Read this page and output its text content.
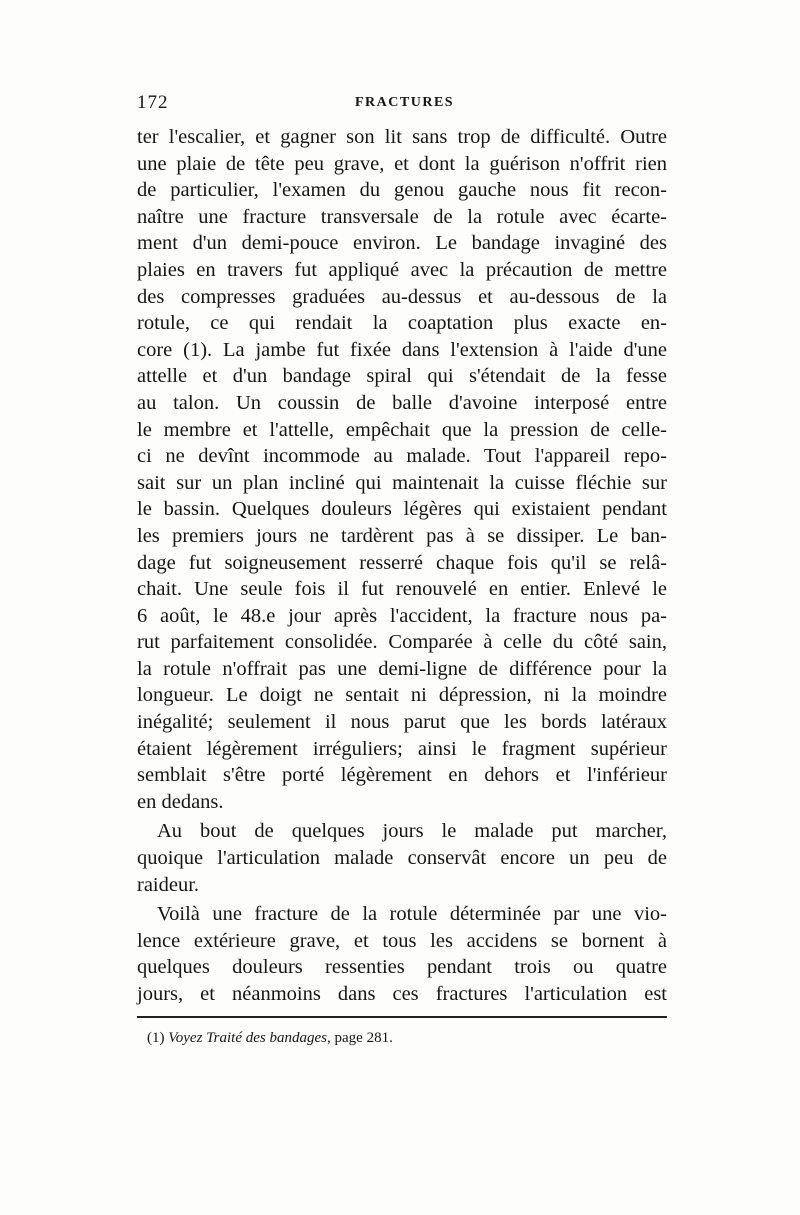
172	FRACTURES
ter l'escalier, et gagner son lit sans trop de difficulté. Outre
une plaie de tête peu grave, et dont la guérison n'offrit rien
de particulier, l'examen du genou gauche nous fit recon-
naître une fracture transversale de la rotule avec écarte-
ment d'un demi-pouce environ. Le bandage invaginé des
plaies en travers fut appliqué avec la précaution de mettre
des compresses graduées au-dessus et au-dessous de la
rotule, ce qui rendait la coaptation plus exacte en-
core (1). La jambe fut fixée dans l'extension à l'aide d'une
attelle et d'un bandage spiral qui s'étendait de la fesse
au talon. Un coussin de balle d'avoine interposé entre
le membre et l'attelle, empêchait que la pression de celle-
ci ne devînt incommode au malade. Tout l'appareil repo-
sait sur un plan incliné qui maintenait la cuisse fléchie sur
le bassin. Quelques douleurs légères qui existaient pendant
les premiers jours ne tardèrent pas à se dissiper. Le ban-
dage fut soigneusement resserré chaque fois qu'il se relâ-
chait. Une seule fois il fut renouvelé en entier. Enlevé le
6 août, le 48.e jour après l'accident, la fracture nous pa-
rut parfaitement consolidée. Comparée à celle du côté sain,
la rotule n'offrait pas une demi-ligne de différence pour la
longueur. Le doigt ne sentait ni dépression, ni la moindre
inégalité; seulement il nous parut que les bords latéraux
étaient légèrement irréguliers; ainsi le fragment supérieur
semblait s'être porté légèrement en dehors et l'inférieur
en dedans.
Au bout de quelques jours le malade put marcher,
quoique l'articulation malade conservât encore un peu de
raideur.
Voilà une fracture de la rotule déterminée par une vio-
lence extérieure grave, et tous les accidens se bornent à
quelques douleurs ressenties pendant trois ou quatre
jours, et néanmoins dans ces fractures l'articulation est
(1) Voyez Traité des bandages, page 281.
